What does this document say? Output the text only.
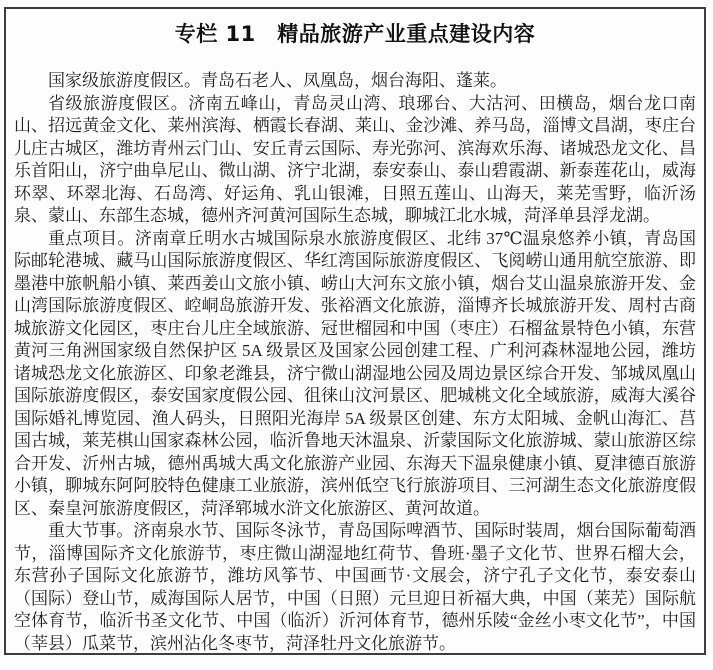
专栏 11　精品旅游产业重点建设内容

国家级旅游度假区。青岛石老人、凤凰岛，烟台海阳、蓬莱。

省级旅游度假区。济南五峰山，青岛灵山湾、琅琊台、大沽河、田横岛，烟台龙口南山、招远黄金文化、莱州滨海、栖霞长春湖、莱山、金沙滩、养马岛，淄博文昌湖，枣庄台儿庄古城区，潍坊青州云门山、安丘青云国际、寿光弥河、滨海欢乐海、诸城恐龙文化、昌乐首阳山，济宁曲阜尼山、微山湖、济宁北湖，泰安泰山、泰山碧霞湖、新泰莲花山，威海环翠、环翠北海、石岛湾、好运角、乳山银滩，日照五莲山、山海天，莱芜雪野，临沂汤泉、蒙山、东部生态城，德州齐河黄河国际生态城，聊城江北水城，菏泽单县浮龙湖。

重点项目。济南章丘明水古城国际泉水旅游度假区、北纬 37℃温泉悠养小镇，青岛国际邮轮港城、藏马山国际旅游度假区、华红湾国际旅游度假区、飞阅崂山通用航空旅游、即墨港中旅帆船小镇、莱西姜山文旅小镇、崂山大河东文旅小镇，烟台艾山温泉旅游开发、金山湾国际旅游度假区、崆峒岛旅游开发、张裕酒文化旅游，淄博齐长城旅游开发、周村古商城旅游文化园区，枣庄台儿庄全域旅游、冠世榴园和中国（枣庄）石榴盆景特色小镇，东营黄河三角洲国家级自然保护区 5A 级景区及国家公园创建工程、广利河森林湿地公园，潍坊诸城恐龙文化旅游区、印象老潍县，济宁微山湖湿地公园及周边景区综合开发、邹城凤凰山国际旅游度假区，泰安国家度假公园、徂徕山汶河景区、肥城桃文化全域旅游，威海大溪谷国际婚礼博览园、渔人码头，日照阳光海岸 5A 级景区创建、东方太阳城、金帆山海汇、莒国古城，莱芜棋山国家森林公园，临沂鲁地天沐温泉、沂蒙国际文化旅游城、蒙山旅游区综合开发、沂州古城，德州禹城大禹文化旅游产业园、东海天下温泉健康小镇、夏津德百旅游小镇，聊城东阿阿胶特色健康工业旅游，滨州低空飞行旅游项目、三河湖生态文化旅游度假区、秦皇河旅游度假区，菏泽郓城水浒文化旅游区、黄河故道。

重大节事。济南泉水节、国际冬泳节，青岛国际啤酒节、国际时装周，烟台国际葡萄酒节，淄博国际齐文化旅游节，枣庄微山湖湿地红荷节、鲁班·墨子文化节、世界石榴大会，东营孙子国际文化旅游节，潍坊风筝节、中国画节·文展会，济宁孔子文化节，泰安泰山（国际）登山节，威海国际人居节，中国（日照）元旦迎日祈福大典，中国（莱芜）国际航空体育节，临沂书圣文化节、中国（临沂）沂河体育节，德州乐陵“金丝小枣文化节”，中国（莘县）瓜菜节，滨州沾化冬枣节，菏泽牡丹文化旅游节。
